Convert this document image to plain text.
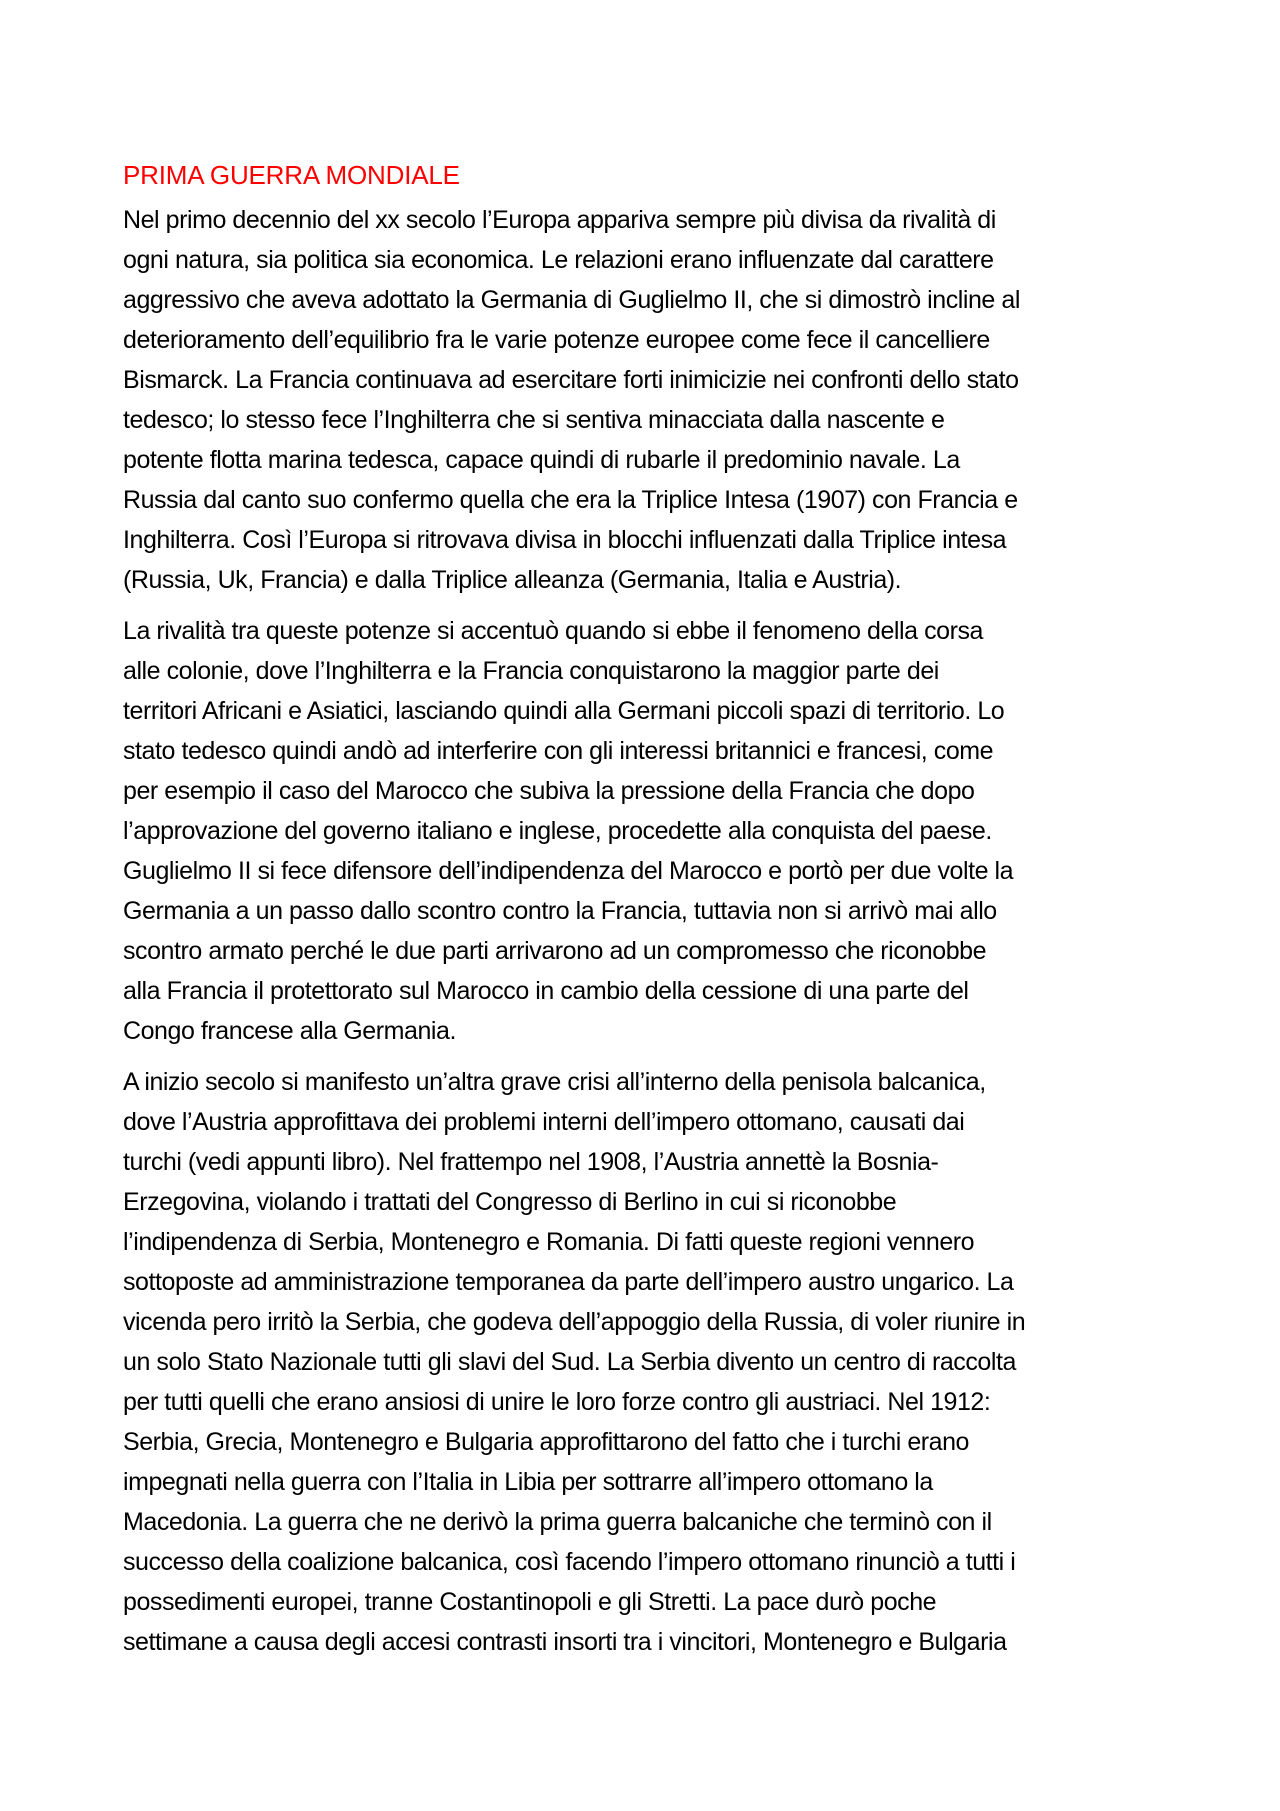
PRIMA GUERRA MONDIALE

Nel primo decennio del xx secolo l’Europa appariva sempre più divisa da rivalità di
ogni natura, sia politica sia economica. Le relazioni erano influenzate dal carattere
aggressivo che aveva adottato la Germania di Guglielmo II, che si dimostrò incline al
deterioramento dell’equilibrio fra le varie potenze europee come fece il cancelliere
Bismarck. La Francia continuava ad esercitare forti inimicizie nei confronti dello stato
tedesco; lo stesso fece l’Inghilterra che si sentiva minacciata dalla nascente e
potente flotta marina tedesca, capace quindi di rubarle il predominio navale. La
Russia dal canto suo confermo quella che era la Triplice Intesa (1907) con Francia e
Inghilterra. Così l’Europa si ritrovava divisa in blocchi influenzati dalla Triplice intesa
(Russia, Uk, Francia) e dalla Triplice alleanza (Germania, Italia e Austria).

La rivalità tra queste potenze si accentuò quando si ebbe il fenomeno della corsa
alle colonie, dove l’Inghilterra e la Francia conquistarono la maggior parte dei
territori Africani e Asiatici, lasciando quindi alla Germani piccoli spazi di territorio. Lo
stato tedesco quindi andò ad interferire con gli interessi britannici e francesi, come
per esempio il caso del Marocco che subiva la pressione della Francia che dopo
l’approvazione del governo italiano e inglese, procedette alla conquista del paese.
Guglielmo II si fece difensore dell’indipendenza del Marocco e portò per due volte la
Germania a un passo dallo scontro contro la Francia, tuttavia non si arrivò mai allo
scontro armato perché le due parti arrivarono ad un compromesso che riconobbe
alla Francia il protettorato sul Marocco in cambio della cessione di una parte del
Congo francese alla Germania.

A inizio secolo si manifesto un’altra grave crisi all’interno della penisola balcanica,
dove l’Austria approfittava dei problemi interni dell’impero ottomano, causati dai
turchi (vedi appunti libro). Nel frattempo nel 1908, l’Austria annettè la Bosnia-
Erzegovina, violando i trattati del Congresso di Berlino in cui si riconobbe
l’indipendenza di Serbia, Montenegro e Romania. Di fatti queste regioni vennero
sottoposte ad amministrazione temporanea da parte dell’impero austro ungarico. La
vicenda pero irritò la Serbia, che godeva dell’appoggio della Russia, di voler riunire in
un solo Stato Nazionale tutti gli slavi del Sud. La Serbia divento un centro di raccolta
per tutti quelli che erano ansiosi di unire le loro forze contro gli austriaci. Nel 1912:
Serbia, Grecia, Montenegro e Bulgaria approfittarono del fatto che i turchi erano
impegnati nella guerra con l’Italia in Libia per sottrarre all’impero ottomano la
Macedonia. La guerra che ne derivò la prima guerra balcaniche che terminò con il
successo della coalizione balcanica, così facendo l’impero ottomano rinunciò a tutti i
possedimenti europei, tranne Costantinopoli e gli Stretti. La pace durò poche
settimane a causa degli accesi contrasti insorti tra i vincitori, Montenegro e Bulgaria
